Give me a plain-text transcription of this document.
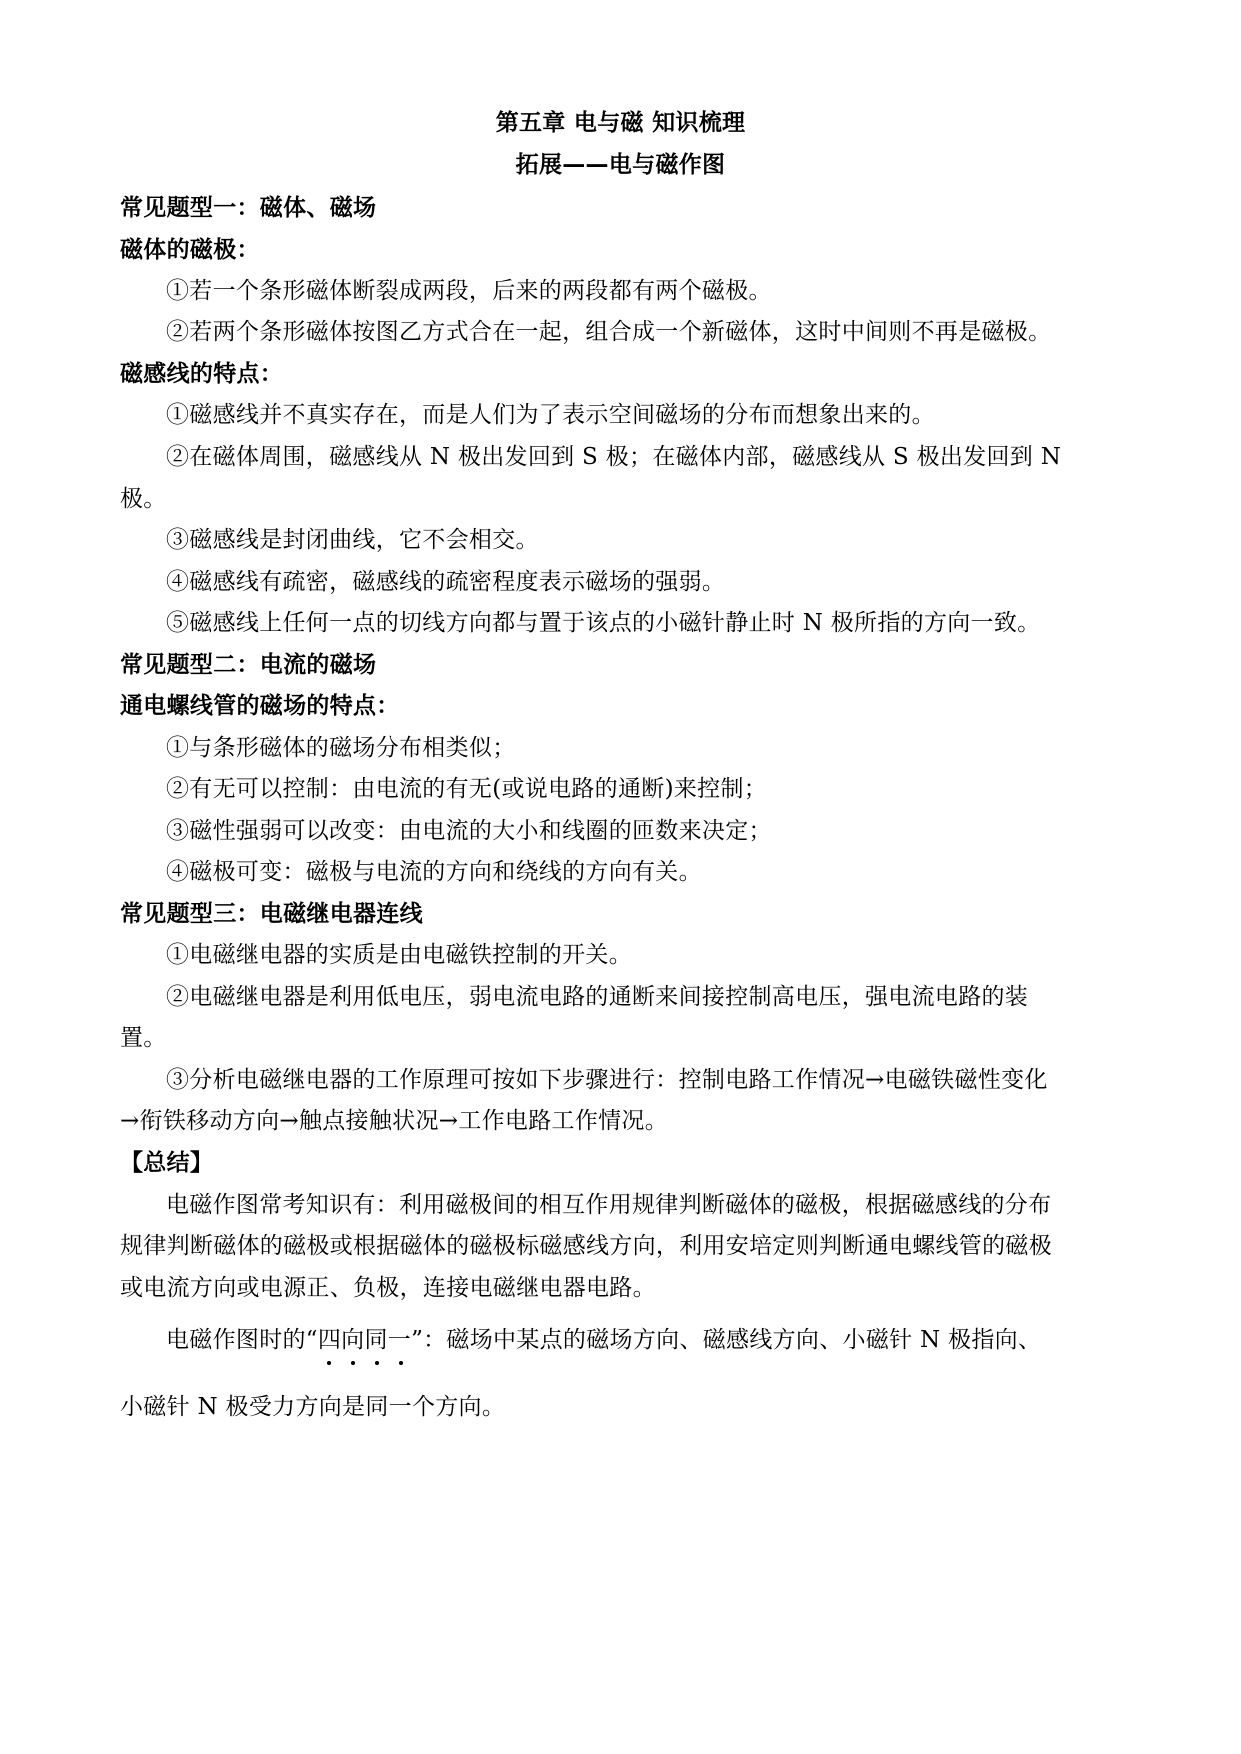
第五章 电与磁 知识梳理
拓展——电与磁作图
常见题型一：磁体、磁场
磁体的磁极：
①若一个条形磁体断裂成两段，后来的两段都有两个磁极。
②若两个条形磁体按图乙方式合在一起，组合成一个新磁体，这时中间则不再是磁极。
磁感线的特点：
①磁感线并不真实存在，而是人们为了表示空间磁场的分布而想象出来的。
②在磁体周围，磁感线从 N 极出发回到 S 极；在磁体内部，磁感线从 S 极出发回到 N
极。
③磁感线是封闭曲线，它不会相交。
④磁感线有疏密，磁感线的疏密程度表示磁场的强弱。
⑤磁感线上任何一点的切线方向都与置于该点的小磁针静止时 N 极所指的方向一致。
常见题型二：电流的磁场
通电螺线管的磁场的特点：
①与条形磁体的磁场分布相类似；
②有无可以控制：由电流的有无(或说电路的通断)来控制；
③磁性强弱可以改变：由电流的大小和线圈的匝数来决定；
④磁极可变：磁极与电流的方向和绕线的方向有关。
常见题型三：电磁继电器连线
①电磁继电器的实质是由电磁铁控制的开关。
②电磁继电器是利用低电压，弱电流电路的通断来间接控制高电压，强电流电路的装
置。
③分析电磁继电器的工作原理可按如下步骤进行：控制电路工作情况→电磁铁磁性变化
→衔铁移动方向→触点接触状况→工作电路工作情况。
【总结】
电磁作图常考知识有：利用磁极间的相互作用规律判断磁体的磁极，根据磁感线的分布
规律判断磁体的磁极或根据磁体的磁极标磁感线方向，利用安培定则判断通电螺线管的磁极
或电流方向或电源正、负极，连接电磁继电器电路。
电磁作图时的“四向同一
”：磁场中某点的磁场方向、磁感线方向、小磁针 N 极指向、
小磁针 N 极受力方向是同一个方向。
